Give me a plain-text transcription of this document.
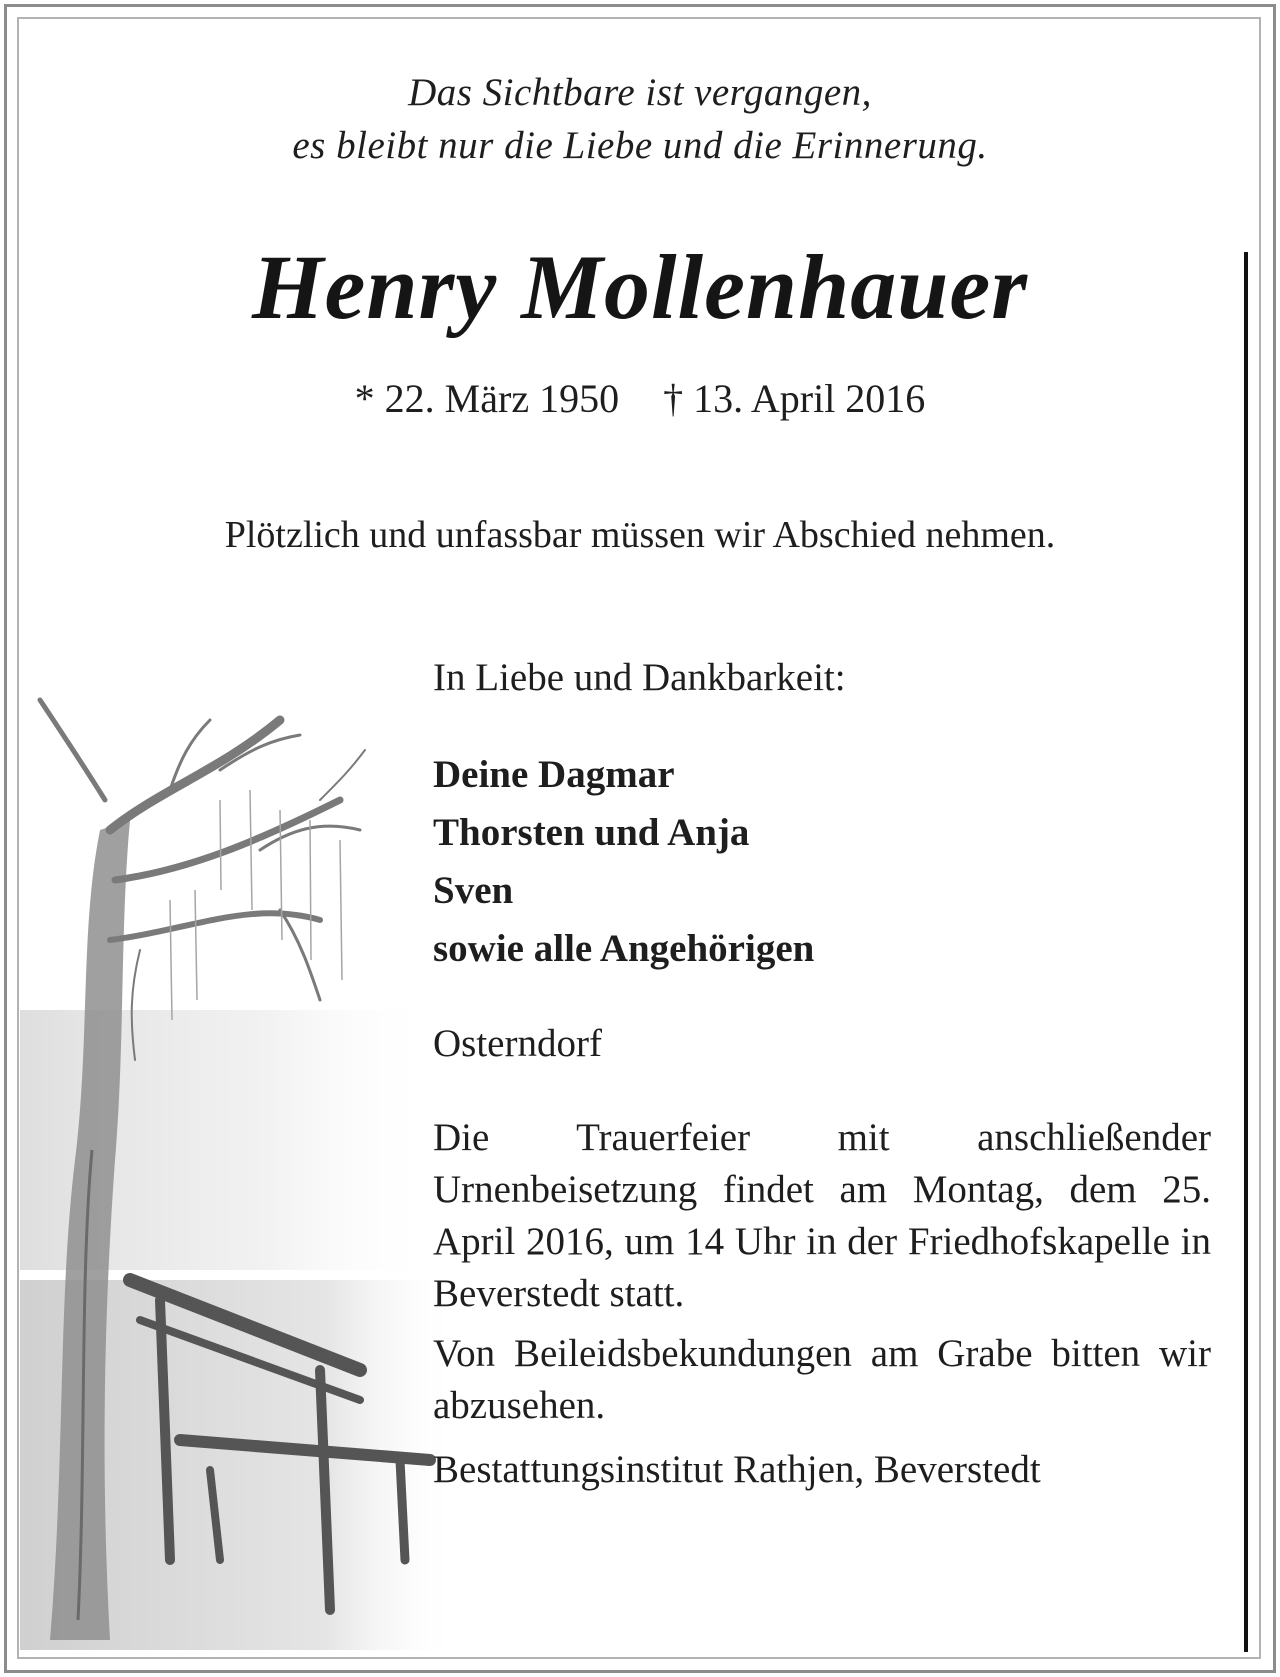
Das Sichtbare ist vergangen,
es bleibt nur die Liebe und die Erinnerung.
Henry Mollenhauer
* 22. März 1950 † 13. April 2016
Plötzlich und unfassbar müssen wir Abschied nehmen.

In Liebe und Dankbarkeit:

Deine Dagmar

Thorsten und Anja

Sven

sowie alle Angehörigen

Osterndorf

Die Trauerfeier mit anschließender Urnenbeisetzung findet am Montag, dem 25. April 2016, um 14 Uhr in der Friedhofskapelle in Beverstedt statt.

Von Beileidsbekundungen am Grabe bitten wir abzusehen.

Bestattungsinstitut Rathjen, Beverstedt
